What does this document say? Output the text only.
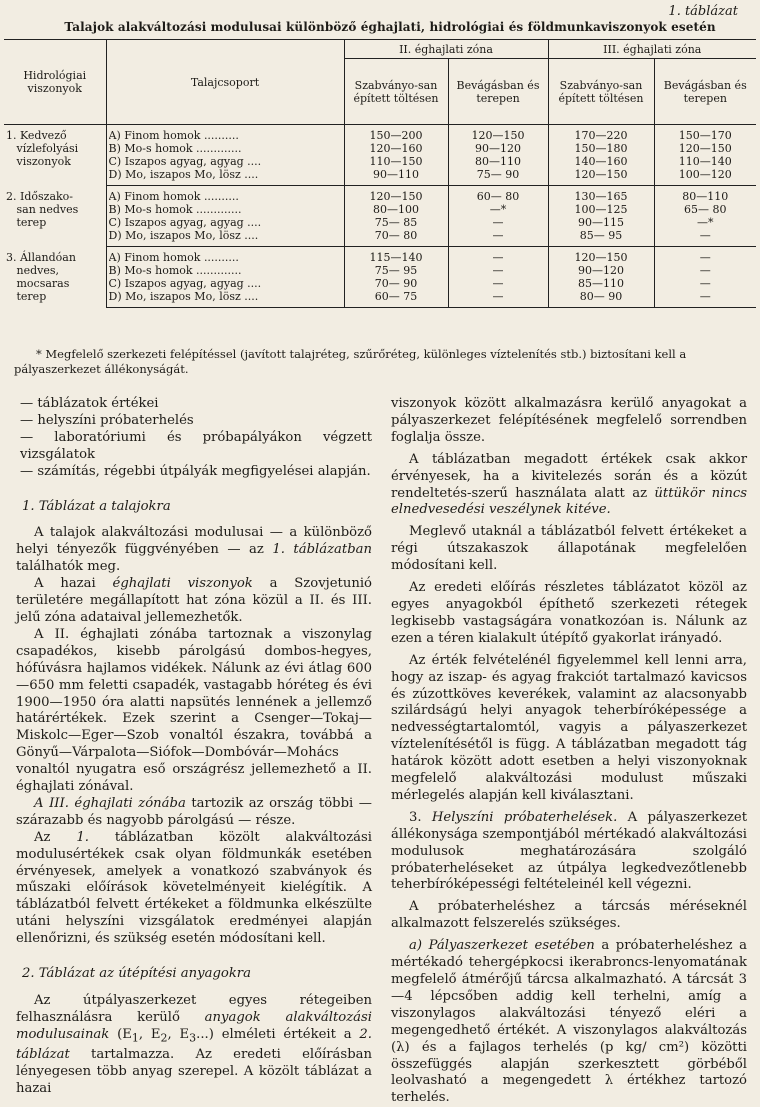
1. táblázat
Talajok alakváltozási modulusai különböző éghajlati, hidrológiai és földmunkaviszonyok esetén
Hidrológiai viszonyok	Talajcsoport	II. éghajlati zóna		III. éghajlati zóna	
		Szabványo-san épített töltésen	Bevágásban és terepen	Szabványo-san épített töltésen	Bevágásban és terepen
1. Kedvező
vízlefolyási
viszonyok	A) Finom homok ..........	150—200	120—150	170—220	150—170

	B) Mo-s homok .............	120—160	90—120	150—180	120—150

	C) Iszapos agyag, agyag ....	110—150	80—110	140—160	110—140

	D) Mo, iszapos Mo, lösz ....	90—110	75— 90	120—150	100—120

2. Időszako-
san nedves
terep	A) Finom homok ..........	120—150	60— 80	130—165	80—110

	B) Mo-s homok .............	80—100	—*	100—125	65— 80

	C) Iszapos agyag, agyag ....	75— 85	—	90—115	—*

	D) Mo, iszapos Mo, lösz ....	70— 80	—	85— 95	—

3. Állandóan
nedves,
mocsaras
terep	A) Finom homok ..........	115—140	—	120—150	—

	B) Mo-s homok .............	75— 95	—	90—120	—

	C) Iszapos agyag, agyag ....	70— 90	—	85—110	—

	D) Mo, iszapos Mo, lösz ....	60— 75	—	80— 90	—
* Megfelelő szerkezeti felépítéssel (javított talajréteg, szűrőréteg, különleges víztelenítés stb.) biztosítani kell a pályaszerkezet állékonyságát.

— táblázatok értékei

— helyszíni próbaterhelés

— laboratóriumi és próbapályákon végzett vizsgálatok

— számítás, régebbi útpályák megfigyelései alapján.

1. Táblázat a talajokra

A talajok alakváltozási modulusai — a különböző helyi tényezők függvényében — az 1. táblázatban találhatók meg.

A hazai éghajlati viszonyok a Szovjetunió területére megállapított hat zóna közül a II. és III. jelű zóna adataival jellemezhetők.

A II. éghajlati zónába tartoznak a viszonylag csapadékos, kisebb párolgású dombos-hegyes, hófúvásra hajlamos vidékek. Nálunk az évi átlag 600—650 mm feletti csapadék, vastagabb hóréteg és évi 1900—1950 óra alatti napsütés lennének a jellemző határértékek. Ezek szerint a Csenger—Tokaj—Miskolc—Eger—Szob vonaltól északra, továbbá a Gönyű—Várpalota—Siófok—Dombóvár—Mohács vonaltól nyugatra eső országrész jellemezhető a II. éghajlati zónával.

A III. éghajlati zónába tartozik az ország többi — szárazabb és nagyobb párolgású — része.

Az 1. táblázatban közölt alakváltozási modulusértékek csak olyan földmunkák esetében érvényesek, amelyek a vonatkozó szabványok és műszaki előírások követelményeit kielégítik. A táblázatból felvett értékeket a földmunka elkészülte utáni helyszíni vizsgálatok eredményei alapján ellenőrizni, és szükség esetén módosítani kell.

2. Táblázat az útépítési anyagokra

Az útpályaszerkezet egyes rétegeiben felhasználásra kerülő anyagok alakváltozási modulusainak ($E_1$, $E_2$, $E_3$...) elméleti értékeit a 2. táblázat tartalmazza. Az eredeti előírásban lényegesen több anyag szerepel. A közölt táblázat a hazai

viszonyok között alkalmazásra kerülő anyagokat a pályaszerkezet felépítésének megfelelő sorrendben foglalja össze.

A táblázatban megadott értékek csak akkor érvényesek, ha a kivitelezés során és a közút rendeltetés-szerű használata alatt az üttükör nincs elnedvesedési veszélynek kitéve.

Meglevő utaknál a táblázatból felvett értékeket a régi útszakaszok állapotának megfelelően módosítani kell.

Az eredeti előírás részletes táblázatot közöl az egyes anyagokból építhető szerkezeti rétegek legkisebb vastagságára vonatkozóan is. Nálunk az ezen a téren kialakult útépítő gyakorlat irányadó.

Az érték felvételénél figyelemmel kell lenni arra, hogy az iszap- és agyag frakciót tartalmazó kavicsos és zúzottköves keverékek, valamint az alacsonyabb szilárdságú helyi anyagok teherbíróképessége a nedvességtartalomtól, vagyis a pályaszerkezet víztelenítésétől is függ. A táblázatban megadott tág határok között adott esetben a helyi viszonyoknak megfelelő alakváltozási modulust műszaki mérlegelés alapján kell kiválasztani.

3. Helyszíni próbaterhelések. A pályaszerkezet állékonysága szempontjából mértékadó alakváltozási modulusok meghatározására szolgáló próbaterheléseket az útpálya legkedvezőtlenebb teherbíróképességi feltételeinél kell végezni.

A próbaterheléshez a tárcsás méréseknél alkalmazott felszerelés szükséges.

a) Pályaszerkezet esetében a próbaterheléshez a mértékadó tehergépkocsi ikerabroncs-lenyomatának megfelelő átmérőjű tárcsa alkalmazható. A tárcsát 3—4 lépcsőben addig kell terhelni, amíg a viszonylagos alakváltozási tényező eléri a megengedhető értékét. A viszonylagos alakváltozás (λ) és a fajlagos terhelés (p kg/ cm²) közötti összefüggés alapján szerkesztett görbéből leolvasható a megengedett λ értékhez tartozó terhelés.
